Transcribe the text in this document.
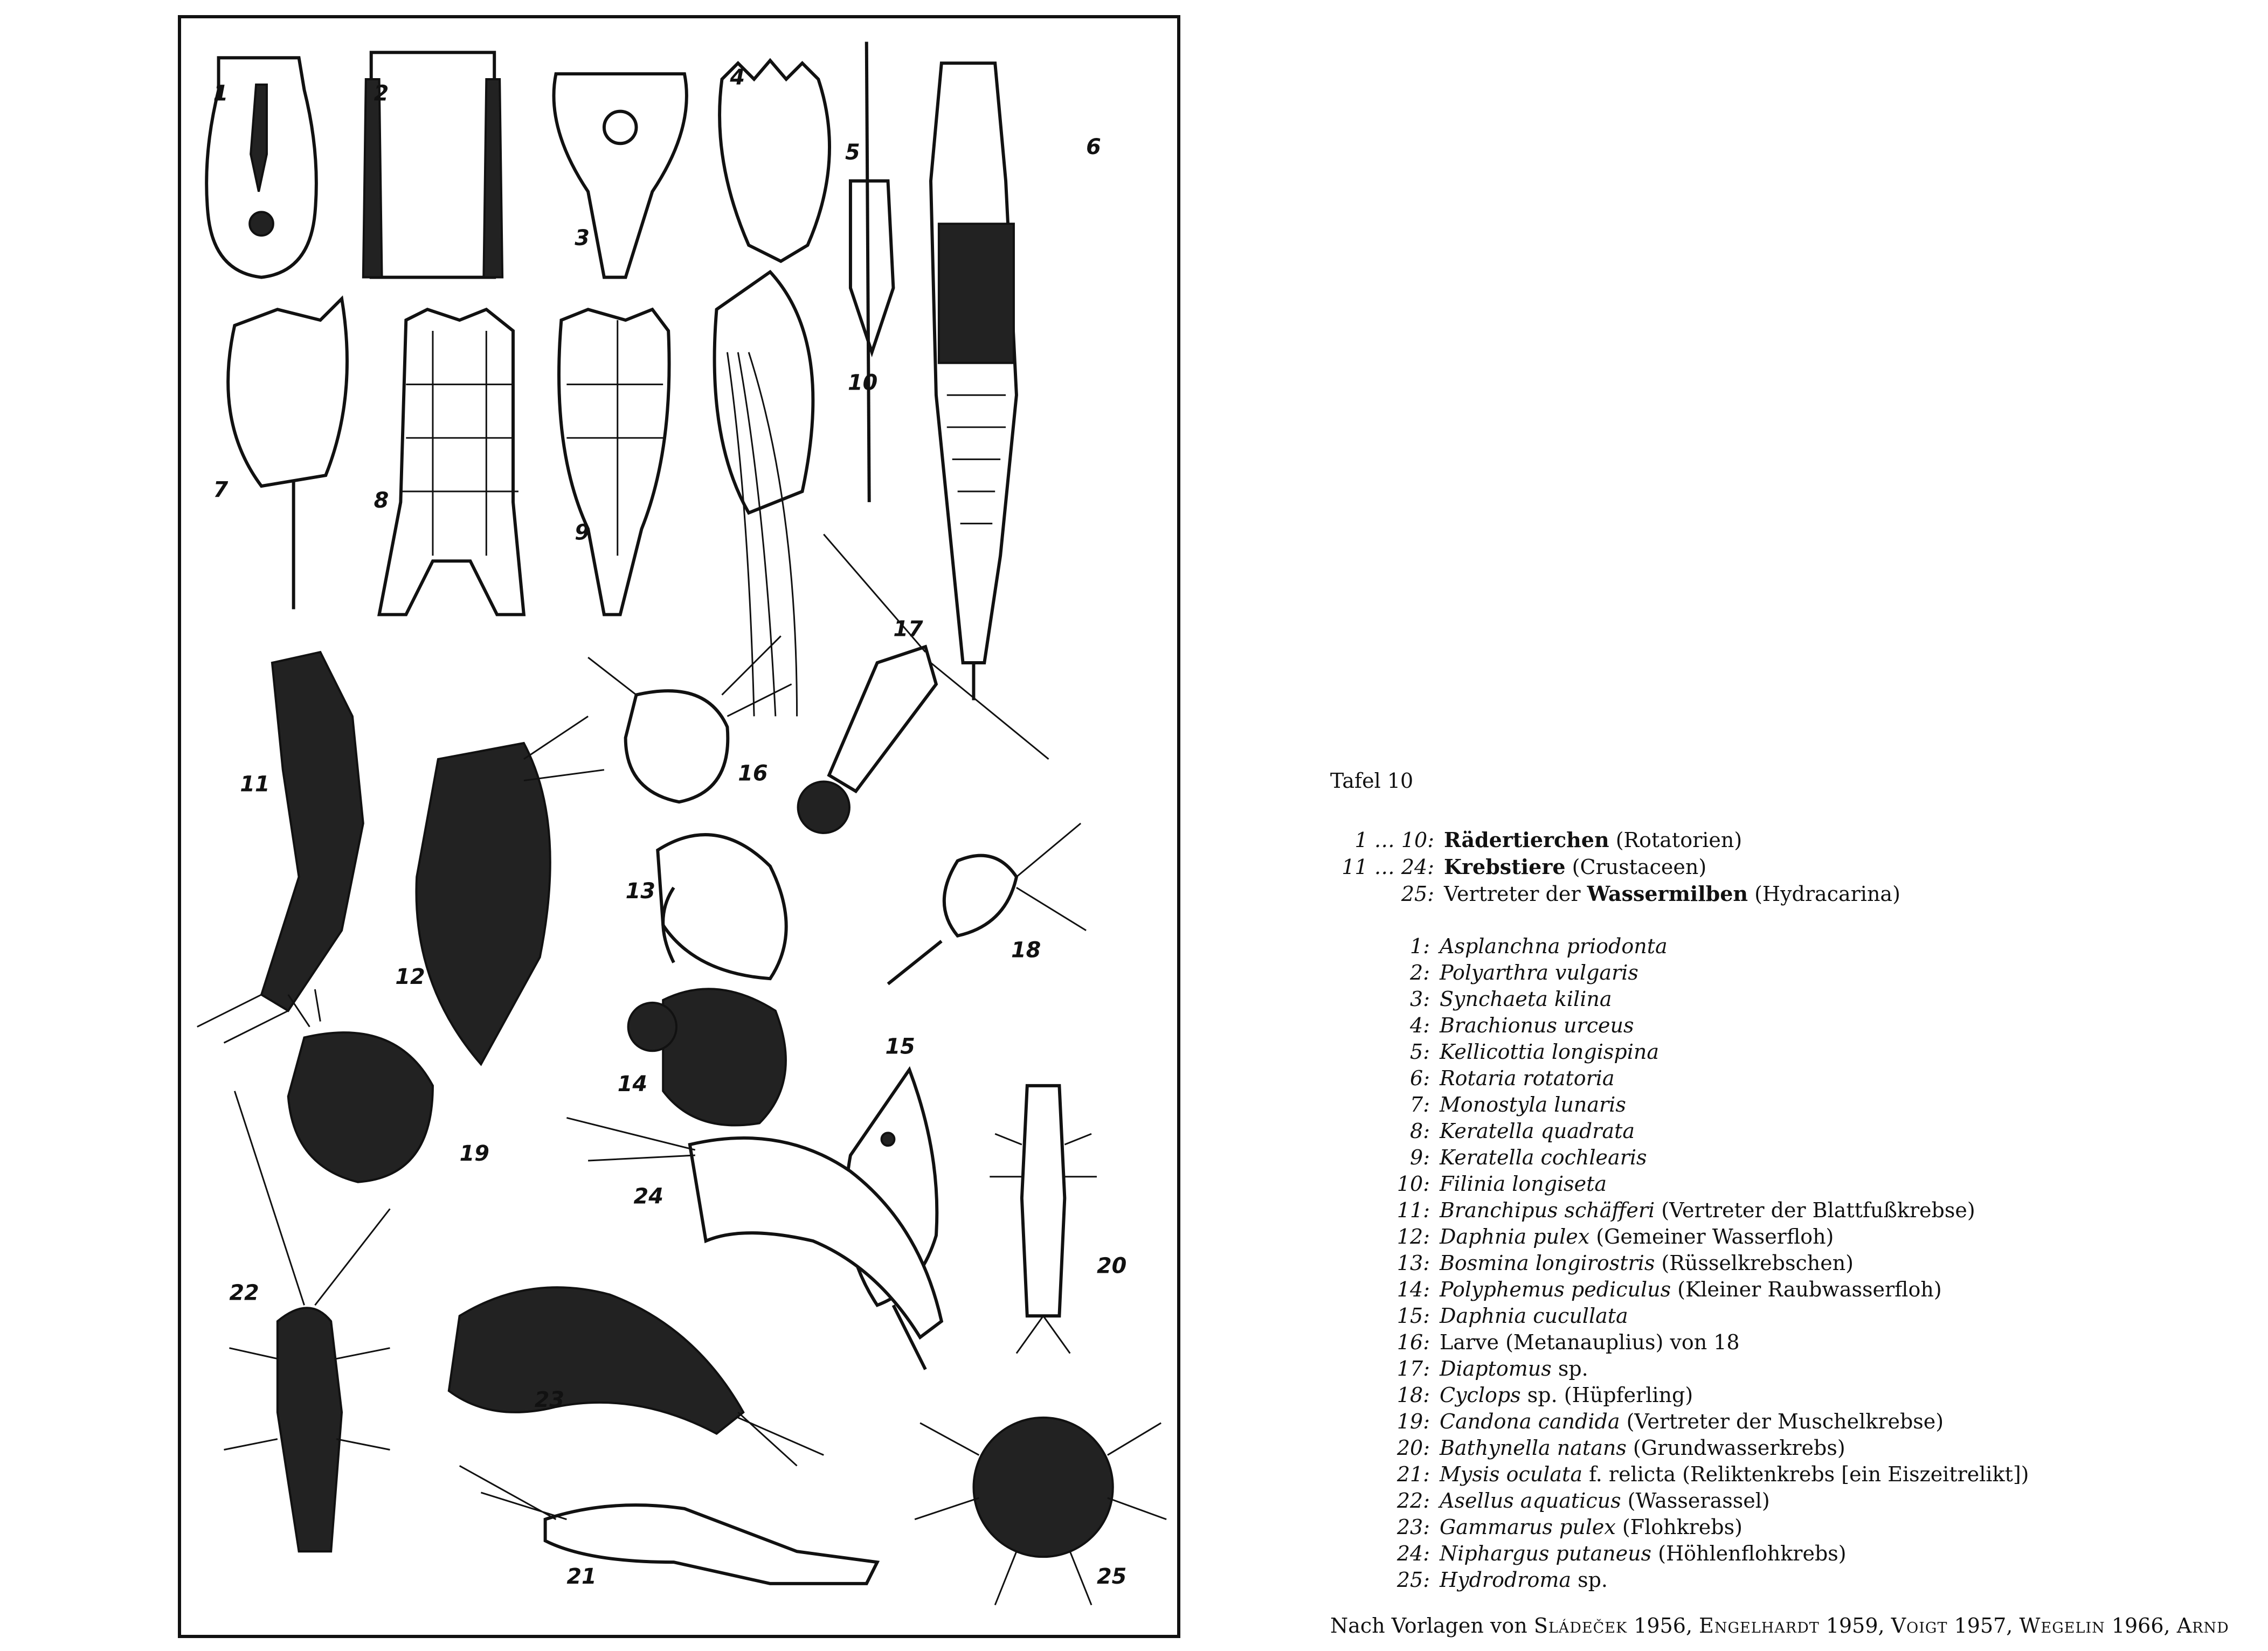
1	2
3
4
5	6
7	8
9
10
11
12
13
14
15
16
17
18
19
20
21
22
23
24
25
Tafel 10
1 … 10: Rädertierchen (Rotatorien)
11 … 24: Krebstiere (Crustaceen)
25: Vertreter der Wassermilben (Hydracarina)
1: Asplanchna priodonta
2: Polyarthra vulgaris
3: Synchaeta kilina
4: Brachionus urceus
5: Kellicottia longispina
6: Rotaria rotatoria
7: Monostyla lunaris
8: Keratella quadrata
9: Keratella cochlearis
10: Filinia longiseta
11: Branchipus schäfferi (Vertreter der Blattfußkrebse)
12: Daphnia pulex (Gemeiner Wasserfloh)
13: Bosmina longirostris (Rüsselkrebschen)
14: Polyphemus pediculus (Kleiner Raubwasserfloh)
15: Daphnia cucullata
16: Larve (Metanauplius) von 18
17: Diaptomus sp.
18: Cyclops sp. (Hüpferling)
19: Candona candida (Vertreter der Muschelkrebse)
20: Bathynella natans (Grundwasserkrebs)
21: Mysis oculata f. relicta (Reliktenkrebs [ein Eiszeitrelikt])
22: Asellus aquaticus (Wasserassel)
23: Gammarus pulex (Flohkrebs)
24: Niphargus putaneus (Höhlenflohkrebs)
25: Hydrodroma sp.
Nach Vorlagen von Sládeček 1956, Engelhardt 1959, Voigt 1957, Wegelin 1966, Arnd
